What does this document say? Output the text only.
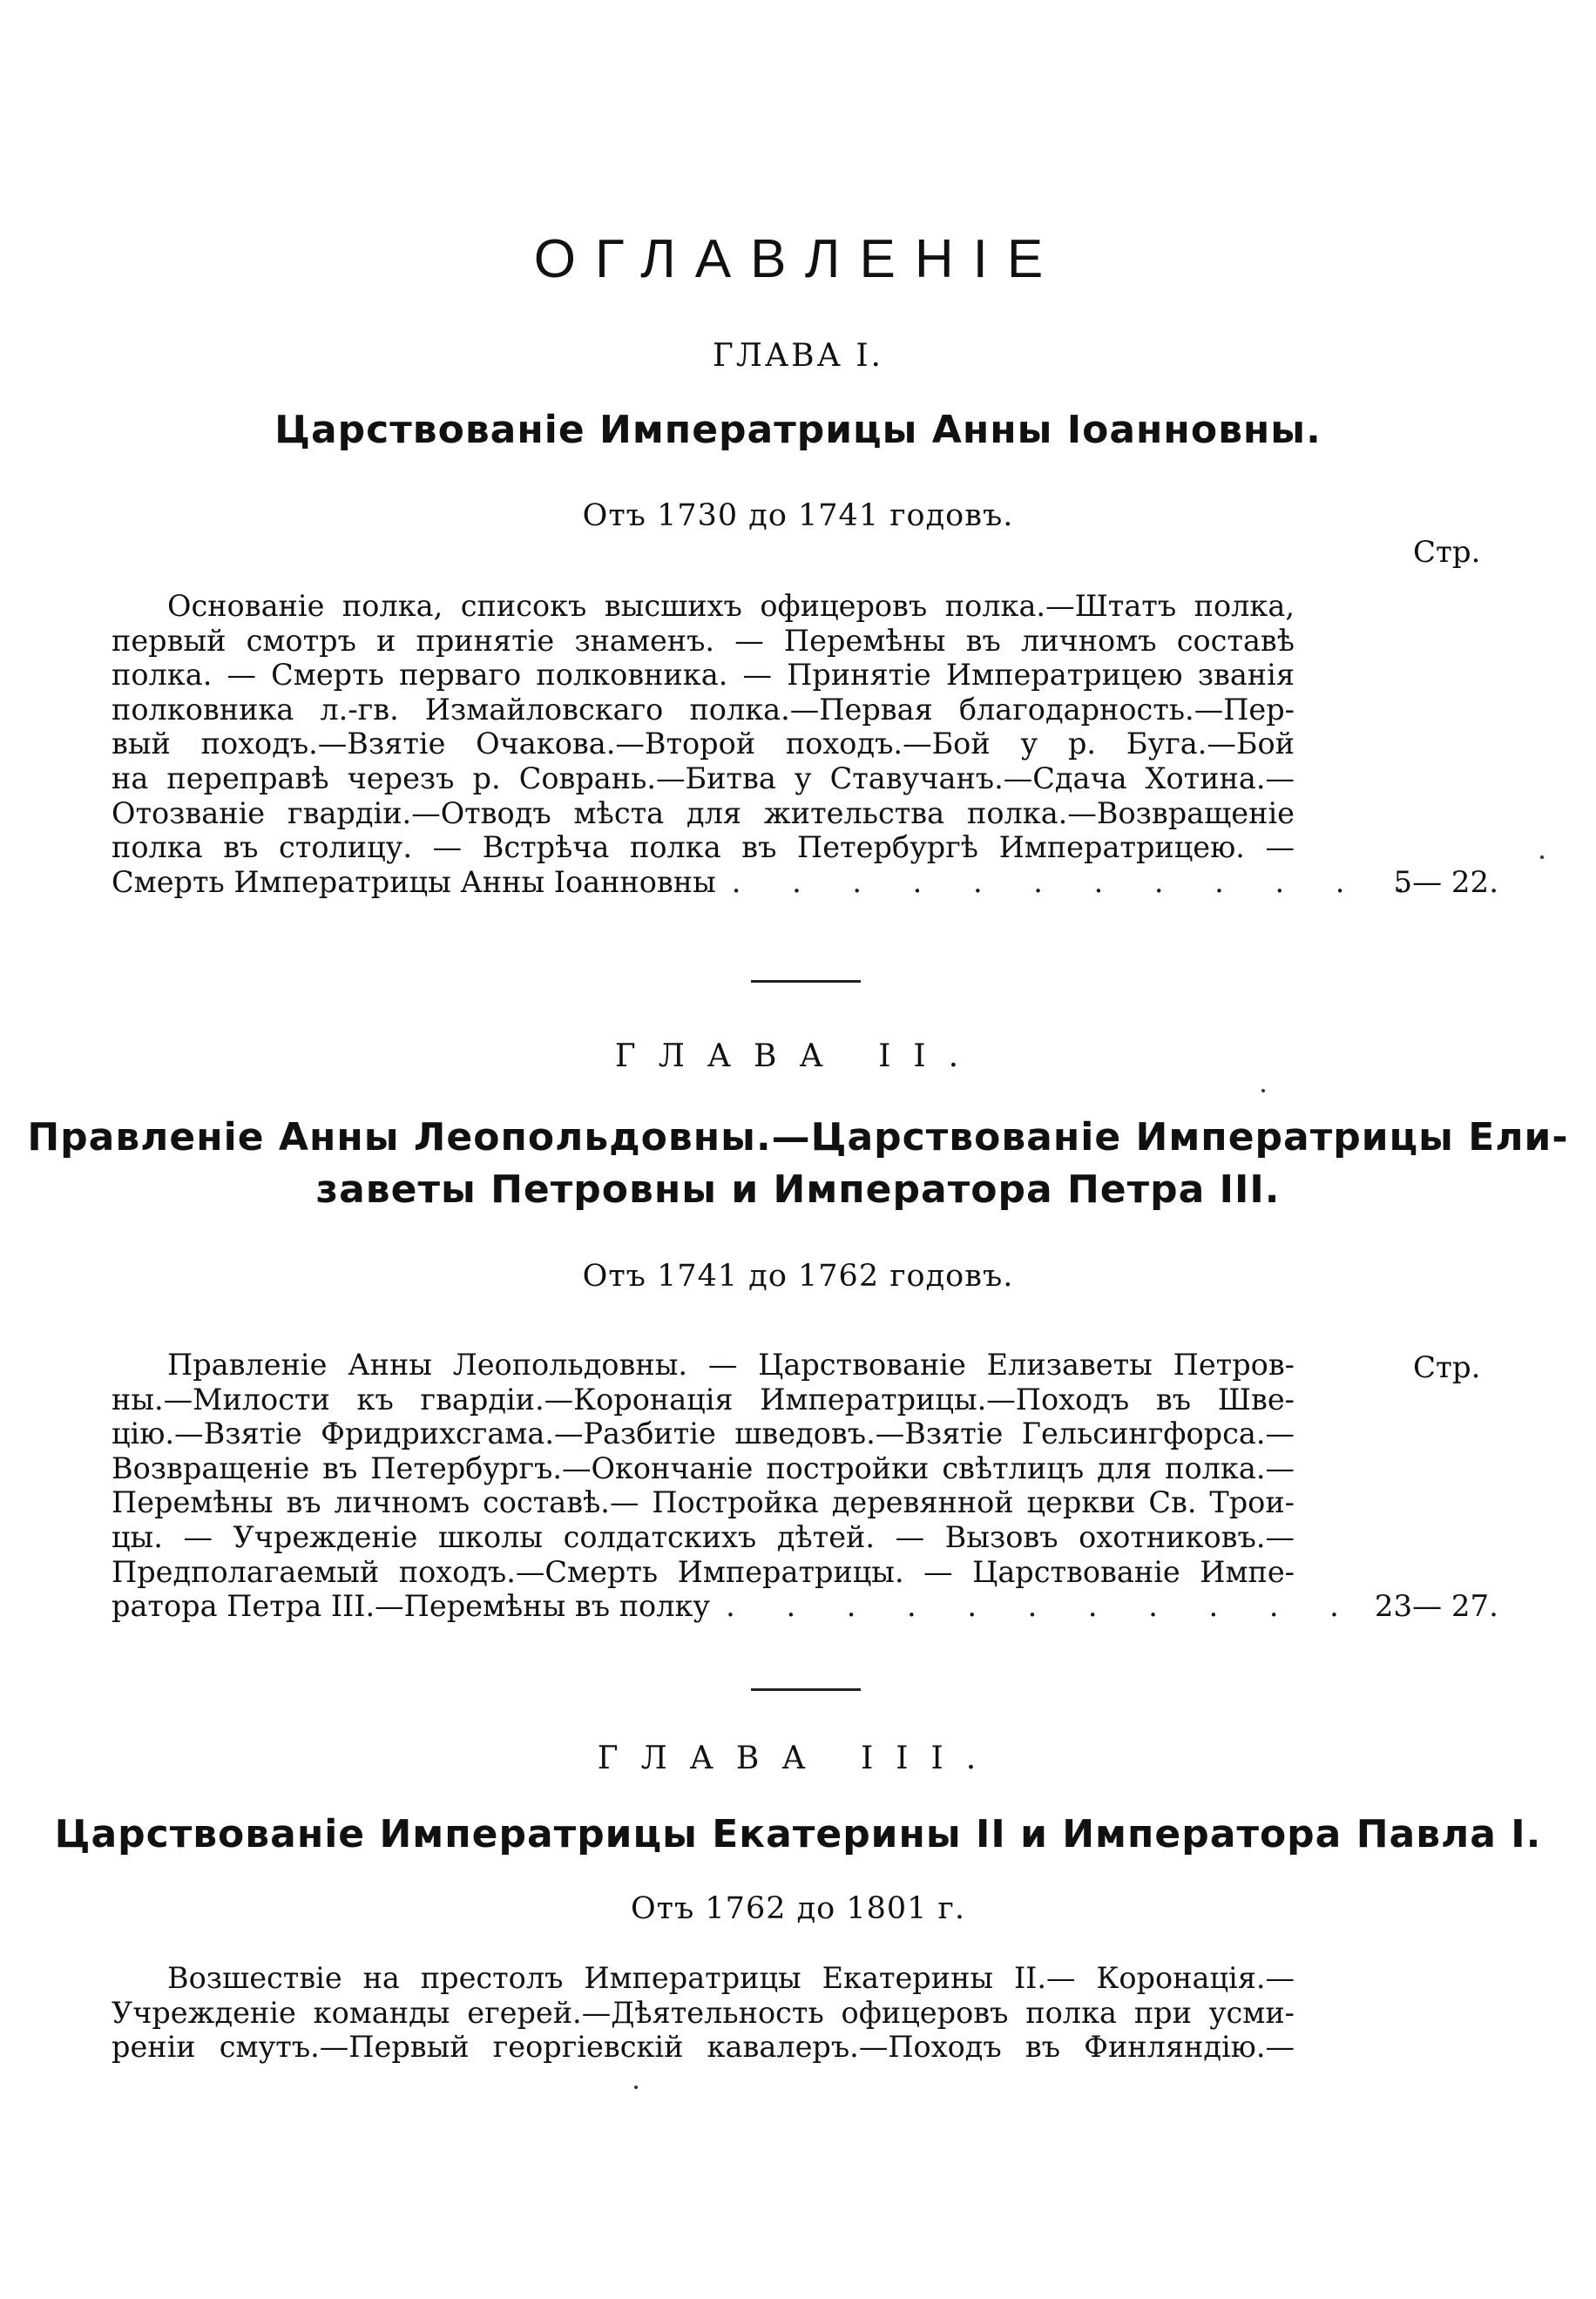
ОГЛАВЛЕНІЕ
ГЛАВА I.
Царствованіе Императрицы Анны Іоанновны.
Отъ 1730 до 1741 годовъ.
Стр.
Основаніе полка, списокъ высшихъ офицеровъ полка.—Штатъ полка,
первый смотръ и принятіе знаменъ. — Перемѣны въ личномъ составѣ
полка. — Смерть перваго полковника. — Принятіе Императрицею званія
полковника л.-гв. Измайловскаго полка.—Первая благодарность.—Пер-
вый походъ.—Взятіе Очакова.—Второй походъ.—Бой у р. Буга.—Бой
на переправѣ черезъ р. Соврань.—Битва у Ставучанъ.—Сдача Хотина.—
Отозваніе гвардіи.—Отводъ мѣста для жительства полка.—Возвращеніе
полка въ столицу. — Встрѣча полка въ Петербургѣ Императрицею. —
Смерть Императрицы Анны Іоанновны . . . . . . . . . . . .
5— 22.
ГЛАВА II.
Правленіе Анны Леопольдовны.—Царствованіе Императрицы Ели-
заветы Петровны и Императора Петра III.
Отъ 1741 до 1762 годовъ.
Правленіе Анны Леопольдовны. — Царствованіе Елизаветы Петров-
ны.—Милости къ гвардіи.—Коронація Императрицы.—Походъ въ Шве-
цію.—Взятіе Фридрихсгама.—Разбитіе шведовъ.—Взятіе Гельсингфорса.—
Возвращеніе въ Петербургъ.—Окончаніе постройки свѣтлицъ для полка.—
Перемѣны въ личномъ составѣ.— Постройка деревянной церкви Св. Трои-
цы. — Учрежденіе школы солдатскихъ дѣтей. — Вызовъ охотниковъ.—
Предполагаемый походъ.—Смерть Императрицы. — Царствованіе Импе-
ратора Петра III.—Перемѣны въ полку . . . . . . . . . . .
Стр.
23— 27.
ГЛАВА III.
Царствованіе Императрицы Екатерины II и Императора Павла I.
Отъ 1762 до 1801 г.
Возшествіе на престолъ Императрицы Екатерины II.— Коронація.—
Учрежденіе команды егерей.—Дѣятельность офицеровъ полка при усми-
реніи смутъ.—Первый георгіевскій кавалеръ.—Походъ въ Финляндію.—
